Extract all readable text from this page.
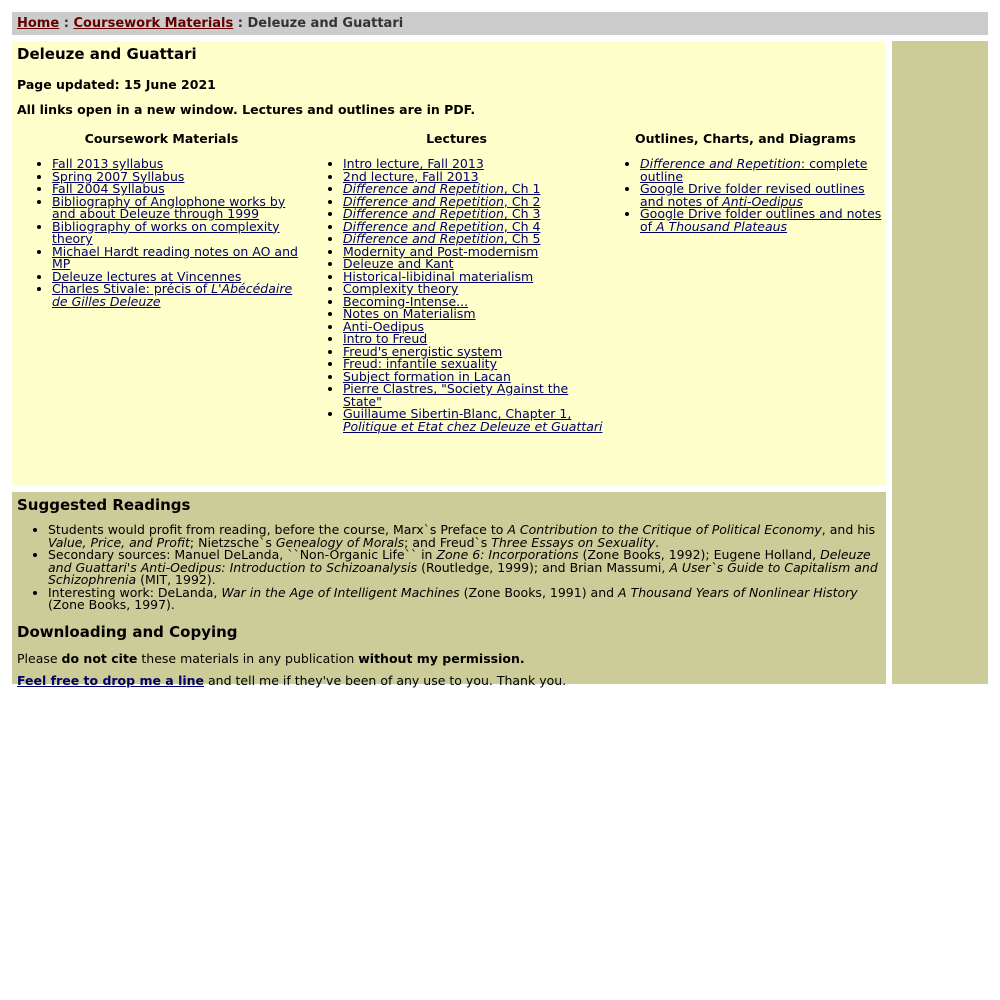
Home : Coursework Materials : Deleuze and Guattari
Deleuze and Guattari

Page updated: 15 June 2021

All links open in a new window. Lectures and outlines are in PDF.

Coursework Materials
• Fall 2013 syllabus
• Spring 2007 Syllabus
• Fall 2004 Syllabus
• Bibliography of Anglophone works by and about Deleuze through 1999
• Bibliography of works on complexity theory
• Michael Hardt reading notes on AO and MP
• Deleuze lectures at Vincennes
• Charles Stivale: précis of L'Abécédaire de Gilles Deleuze
Lectures
• Intro lecture, Fall 2013
• 2nd lecture, Fall 2013
• Difference and Repetition, Ch 1
• Difference and Repetition, Ch 2
• Difference and Repetition, Ch 3
• Difference and Repetition, Ch 4
• Difference and Repetition, Ch 5
• Modernity and Post-modernism
• Deleuze and Kant
• Historical-libidinal materialism
• Complexity theory
• Becoming-Intense...
• Notes on Materialism
• Anti-Oedipus
• Intro to Freud
• Freud's energistic system
• Freud: infantile sexuality
• Subject formation in Lacan
• Pierre Clastres, "Society Against the State"
• Guillaume Sibertin-Blanc, Chapter 1, Politique et Etat chez Deleuze et Guattari
Outlines, Charts, and Diagrams
• Difference and Repetition: complete outline
• Google Drive folder revised outlines and notes of Anti-Oedipus
• Google Drive folder outlines and notes of A Thousand Plateaus
Suggested Readings
• Students would profit from reading, before the course, Marx`s Preface to A Contribution to the Critique of Political Economy, and his Value, Price, and Profit; Nietzsche`s Genealogy of Morals; and Freud`s Three Essays on Sexuality.
• Secondary sources: Manuel DeLanda, ``Non-Organic Life`` in Zone 6: Incorporations (Zone Books, 1992); Eugene Holland, Deleuze and Guattari's Anti-Oedipus: Introduction to Schizoanalysis (Routledge, 1999); and Brian Massumi, A User`s Guide to Capitalism and Schizophrenia (MIT, 1992).
• Interesting work: DeLanda, War in the Age of Intelligent Machines (Zone Books, 1991) and A Thousand Years of Nonlinear History (Zone Books, 1997).
Downloading and Copying

Please do not cite these materials in any publication without my permission.

Feel free to drop me a line and tell me if they've been of any use to you. Thank you.
